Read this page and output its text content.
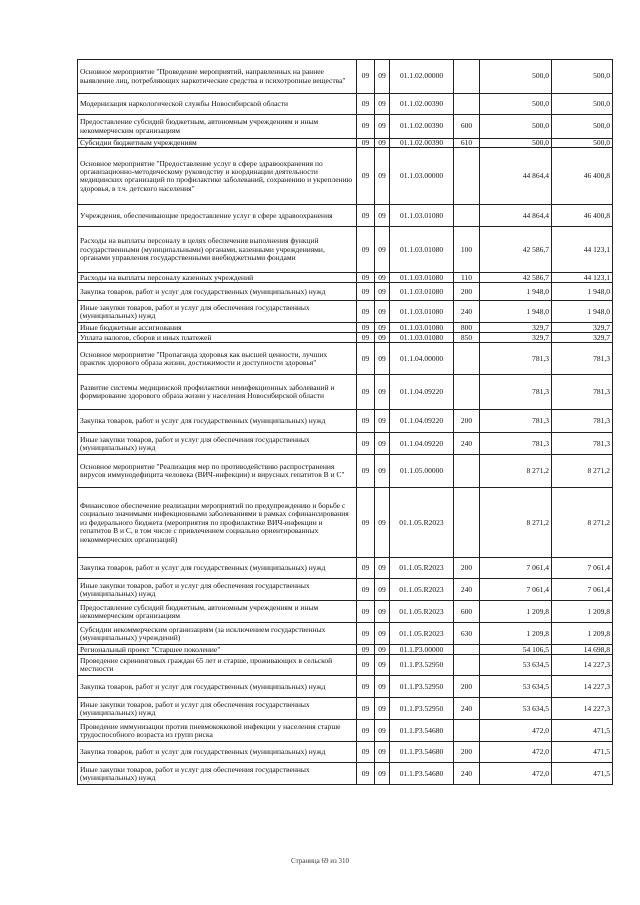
Основное мероприятие "Проведение мероприятий, направленных на раннее выявление лиц, потребляющих наркотические средства и психотропные вещества"	09	09	01.1.02.00000		500,0	500,0
Модернизация наркологической службы Новосибирской области	09	09	01.1.02.00390		500,0	500,0
Предоставление субсидий бюджетным, автономным учреждениям и иным некоммерческим организациям	09	09	01.1.02.00390	600	500,0	500,0
Субсидии бюджетным учреждениям	09	09	01.1.02.00390	610	500,0	500,0
Основное мероприятие "Предоставление услуг в сфере здравоохранения по организационно-методическому руководству и координации деятельности медицинских организаций по профилактике заболеваний, сохранению и укреплению здоровья, в т.ч. детского населения"	09	09	01.1.03.00000		44 864,4	46 400,8
Учреждения, обеспечивающие предоставление услуг в сфере здравоохранения	09	09	01.1.03.01080		44 864,4	46 400,8
Расходы на выплаты персоналу в целях обеспечения выполнения функций государственными (муниципальными) органами, казенными учреждениями, органами управления государственными внебюджетными фондами	09	09	01.1.03.01080	100	42 586,7	44 123,1
Расходы на выплаты персоналу казенных учреждений	09	09	01.1.03.01080	110	42 586,7	44 123,1
Закупка товаров, работ и услуг для государственных (муниципальных) нужд	09	09	01.1.03.01080	200	1 948,0	1 948,0
Иные закупки товаров, работ и услуг для обеспечения государственных (муниципальных) нужд	09	09	01.1.03.01080	240	1 948,0	1 948,0
Иные бюджетные ассигнования	09	09	01.1.03.01080	800	329,7	329,7
Уплата налогов, сборов и иных платежей	09	09	01.1.03.01080	850	329,7	329,7
Основное мероприятие "Пропаганда здоровья как высшей ценности, лучших практик здорового образа жизни, достижимости и доступности здоровья"	09	09	01.1.04.00000		781,3	781,3
Развитие системы медицинской профилактики неинфекционных заболеваний и формирование здорового образа жизни у населения Новосибирской области	09	09	01.1.04.09220		781,3	781,3
Закупка товаров, работ и услуг для государственных (муниципальных) нужд	09	09	01.1.04.09220	200	781,3	781,3
Иные закупки товаров, работ и услуг для обеспечения государственных (муниципальных) нужд	09	09	01.1.04.09220	240	781,3	781,3
Основное мероприятие "Реализация мер по противодействию распространения вирусов иммунодефицита человека (ВИЧ-инфекции) и вирусных гепатитов В и С"	09	09	01.1.05.00000		8 271,2	8 271,2
Финансовое обеспечение реализации мероприятий по предупреждению и борьбе с социально значимыми инфекционными заболеваниями в рамках софинансирования из федерального бюджета (мероприятия по профилактике ВИЧ-инфекции и гепатитов В и С, в том числе с привлечением социально ориентированных некоммерческих организаций)	09	09	01.1.05.R2023		8 271,2	8 271,2
Закупка товаров, работ и услуг для государственных (муниципальных) нужд	09	09	01.1.05.R2023	200	7 061,4	7 061,4
Иные закупки товаров, работ и услуг для обеспечения государственных (муниципальных) нужд	09	09	01.1.05.R2023	240	7 061,4	7 061,4
Предоставление субсидий бюджетным, автономным учреждениям и иным некоммерческим организациям	09	09	01.1.05.R2023	600	1 209,8	1 209,8
Субсидии некоммерческим организациям (за исключением государственных (муниципальных) учреждений)	09	09	01.1.05.R2023	630	1 209,8	1 209,8
Региональный проект "Старшее поколение"	09	09	01.1.P3.00000		54 106,5	14 698,8
Проведение скрининговых граждан 65 лет и старше, проживающих в сельской местности	09	09	01.1.P3.52950		53 634,5	14 227,3
Закупка товаров, работ и услуг для государственных (муниципальных) нужд	09	09	01.1.P3.52950	200	53 634,5	14 227,3
Иные закупки товаров, работ и услуг для обеспечения государственных (муниципальных) нужд	09	09	01.1.P3.52950	240	53 634,5	14 227,3
Проведение иммунизации против пневмококковой инфекции у населения старше трудоспособного возраста из групп риска	09	09	01.1.P3.54680		472,0	471,5
Закупка товаров, работ и услуг для государственных (муниципальных) нужд	09	09	01.1.P3.54680	200	472,0	471,5
Иные закупки товаров, работ и услуг для обеспечения государственных (муниципальных) нужд	09	09	01.1.P3.54680	240	472,0	471,5
Страница 69 из 310
